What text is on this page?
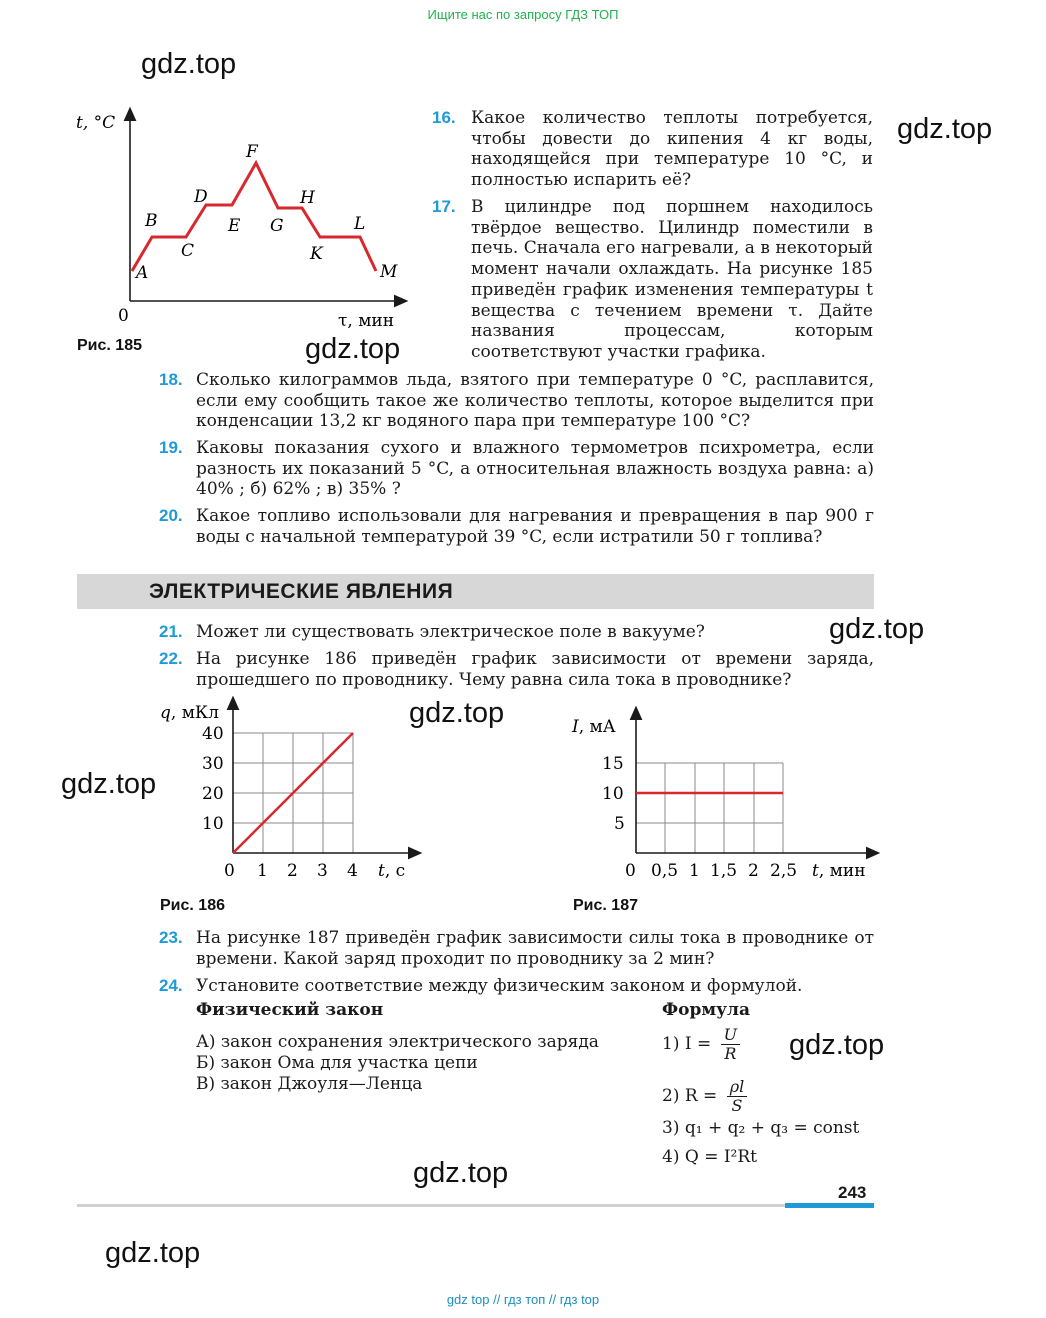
Ищите нас по запросу ГДЗ ТОП
gdz.top
gdz.top
gdz.top
gdz.top
gdz.top
gdz.top
gdz.top
gdz.top
gdz.top
t, °C
0	τ, мин
A
B
C
D
E
F
G
H
K
L
M
Рис. 185
16. Какое количество теплоты потребуется, чтобы довести до кипения 4 кг воды, находящейся при температуре 10 °C, и полностью испарить её?
17. В цилиндре под поршнем находилось твёрдое вещество. Цилиндр поместили в печь. Сначала его нагревали, а в некоторый момент начали охлаждать. На рисунке 185 приведён график изменения температуры t вещества с течением времени τ. Дайте названия процессам, которым соответствуют участки графика.
18. Сколько килограммов льда, взятого при температуре 0 °C, расплавится, если ему сообщить такое же количество теплоты, которое выделится при конденсации 13,2 кг водяного пара при температуре 100 °C?
19. Каковы показания сухого и влажного термометров психрометра, если разность их показаний 5 °C, а относительная влажность воздуха равна: а) 40% ; б) 62% ; в) 35% ?
20. Какое топливо использовали для нагревания и превращения в пар 900 г воды с начальной температурой 39 °C, если истратили 50 г топлива?
ЭЛЕКТРИЧЕСКИЕ ЯВЛЕНИЯ
21. Может ли существовать электрическое поле в вакууме?
22. На рисунке 186 приведён график зависимости от времени заряда, прошедшего по проводнику. Чему равна сила тока в проводнике?
q, мКл
40
30
20
10
0 1 2 3 4 t, с
Рис. 186
I, мА
15
10
5
0 0,5 1 1,5 2 2,5 t, мин
Рис. 187
23. На рисунке 187 приведён график зависимости силы тока в проводнике от времени. Какой заряд проходит по проводнику за 2 мин?
24. Установите соответствие между физическим законом и формулой.
Физический закон	Формула
А) закон сохранения электрического заряда
Б) закон Ома для участка цепи
В) закон Джоуля—Ленца
1) $I = \frac{U}{R}$
2) $R = \frac{\rho l}{S}$
3) q₁ + q₂ + q₃ = const
4) Q = I²Rt
243
gdz top // гдз топ // гдз top
